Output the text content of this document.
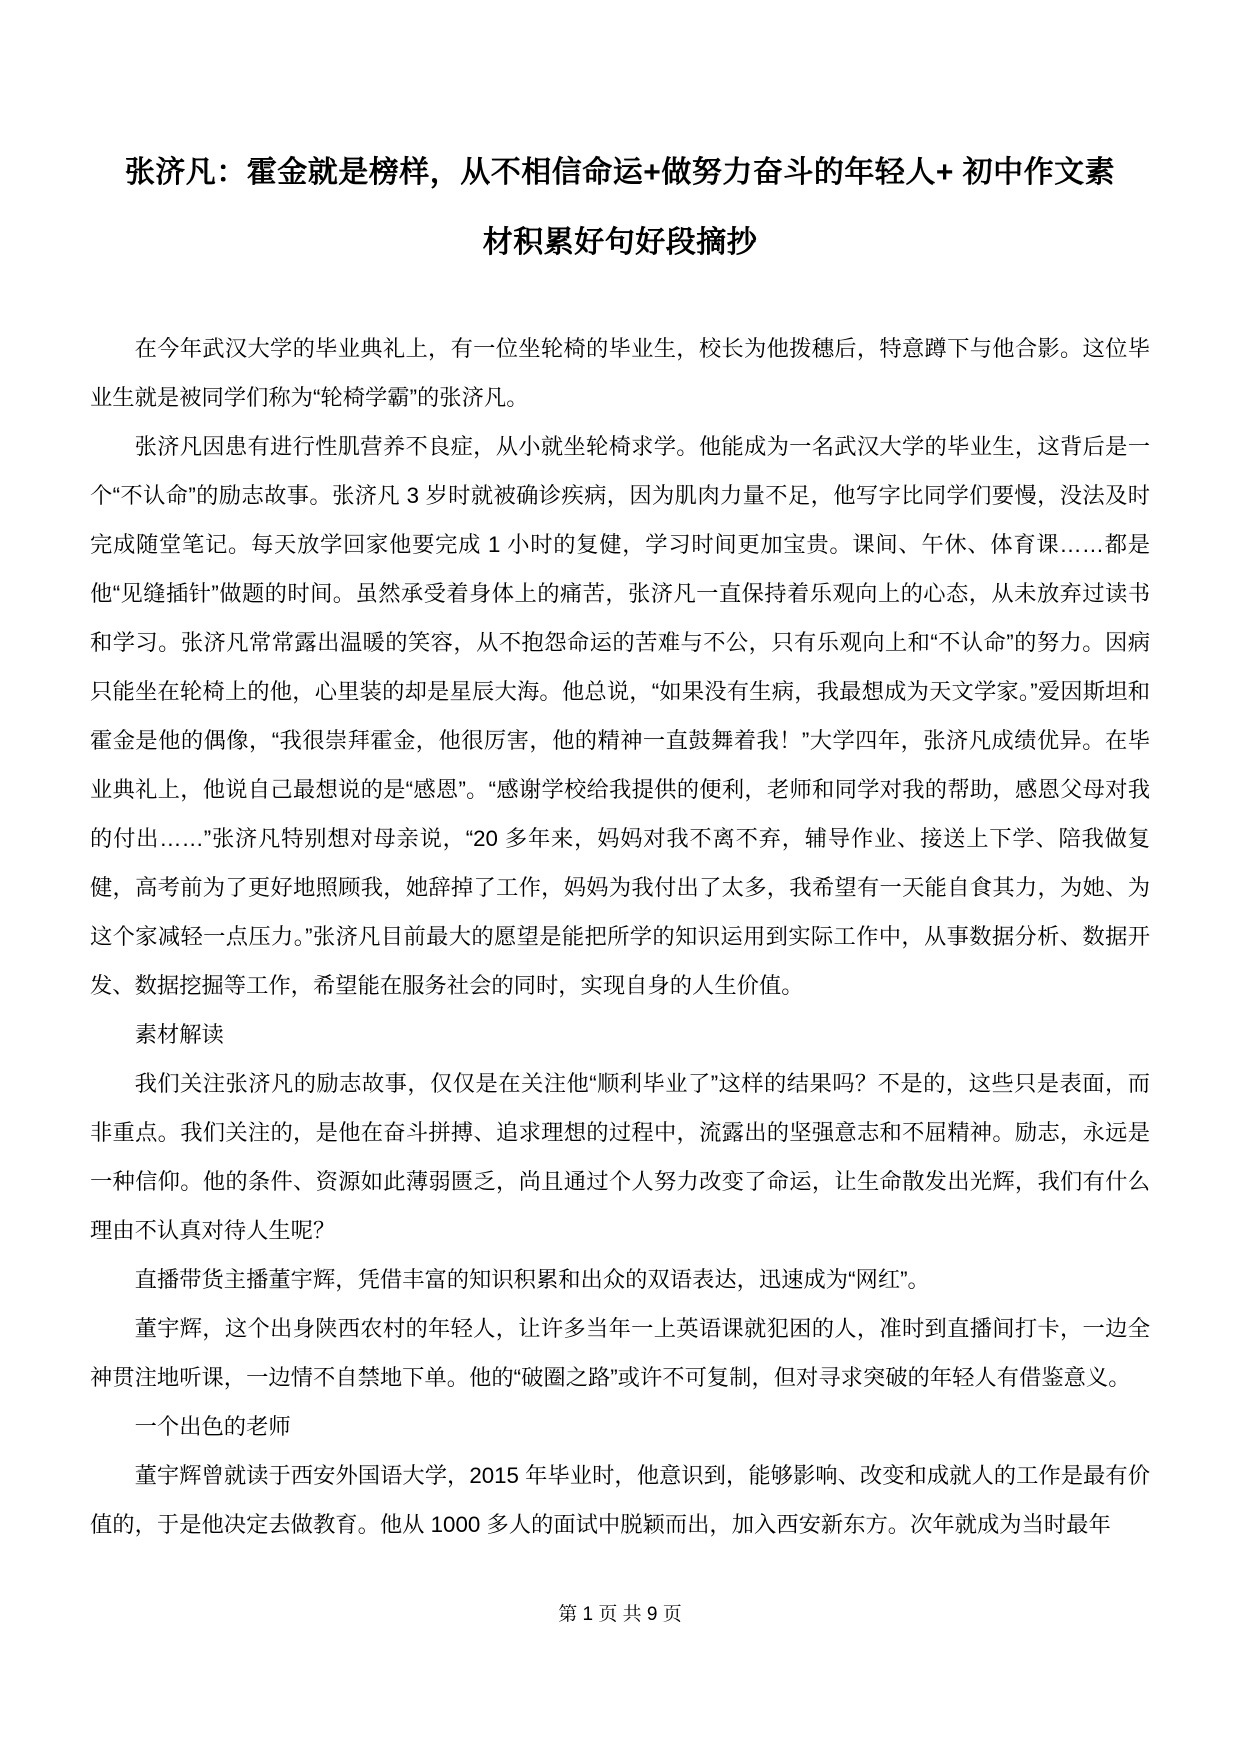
张济凡：霍金就是榜样，从不相信命运+做努力奋斗的年轻人+ 初中作文素
材积累好句好段摘抄

在今年武汉大学的毕业典礼上，有一位坐轮椅的毕业生，校长为他拨穗后，特意蹲下与他合影。这位毕业生就是被同学们称为“轮椅学霸”的张济凡。

张济凡因患有进行性肌营养不良症，从小就坐轮椅求学。他能成为一名武汉大学的毕业生，这背后是一个“不认命”的励志故事。张济凡 3 岁时就被确诊疾病，因为肌肉力量不足，他写字比同学们要慢，没法及时完成随堂笔记。每天放学回家他要完成 1 小时的复健，学习时间更加宝贵。课间、午休、体育课……都是他“见缝插针”做题的时间。虽然承受着身体上的痛苦，张济凡一直保持着乐观向上的心态，从未放弃过读书和学习。张济凡常常露出温暖的笑容，从不抱怨命运的苦难与不公，只有乐观向上和“不认命”的努力。因病只能坐在轮椅上的他，心里装的却是星辰大海。他总说，“如果没有生病，我最想成为天文学家。”爱因斯坦和霍金是他的偶像，“我很崇拜霍金，他很厉害，他的精神一直鼓舞着我！”大学四年，张济凡成绩优异。在毕业典礼上，他说自己最想说的是“感恩”。“感谢学校给我提供的便利，老师和同学对我的帮助，感恩父母对我的付出……”张济凡特别想对母亲说，“20 多年来，妈妈对我不离不弃，辅导作业、接送上下学、陪我做复健，高考前为了更好地照顾我，她辞掉了工作，妈妈为我付出了太多，我希望有一天能自食其力，为她、为这个家减轻一点压力。”张济凡目前最大的愿望是能把所学的知识运用到实际工作中，从事数据分析、数据开发、数据挖掘等工作，希望能在服务社会的同时，实现自身的人生价值。

素材解读

我们关注张济凡的励志故事，仅仅是在关注他“顺利毕业了”这样的结果吗？不是的，这些只是表面，而非重点。我们关注的，是他在奋斗拼搏、追求理想的过程中，流露出的坚强意志和不屈精神。励志，永远是一种信仰。他的条件、资源如此薄弱匮乏，尚且通过个人努力改变了命运，让生命散发出光辉，我们有什么理由不认真对待人生呢？

直播带货主播董宇辉，凭借丰富的知识积累和出众的双语表达，迅速成为“网红”。

董宇辉，这个出身陕西农村的年轻人，让许多当年一上英语课就犯困的人，准时到直播间打卡，一边全神贯注地听课，一边情不自禁地下单。他的“破圈之路”或许不可复制，但对寻求突破的年轻人有借鉴意义。

一个出色的老师

董宇辉曾就读于西安外国语大学，2015 年毕业时，他意识到，能够影响、改变和成就人的工作是最有价值的，于是他决定去做教育。他从 1000 多人的面试中脱颖而出，加入西安新东方。次年就成为当时最年

第 1 页 共 9 页
